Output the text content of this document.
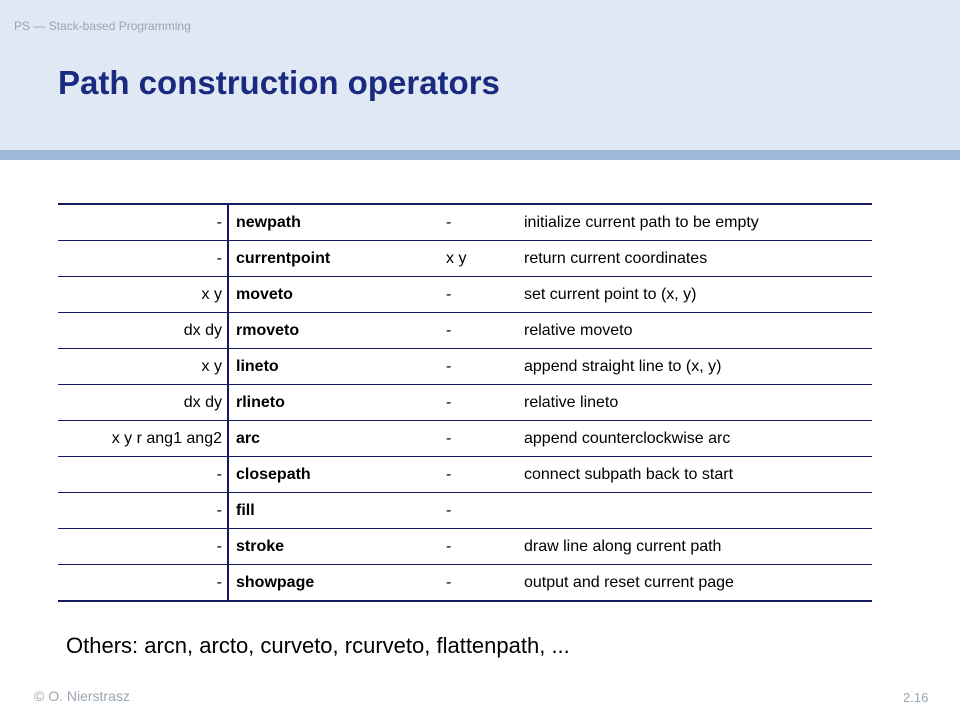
PS — Stack-based Programming
Path construction operators
-	newpath	-	initialize current path to be empty
-	currentpoint	x y	return current coordinates
x y	moveto	-	set current point to (x, y)
dx dy	rmoveto	-	relative moveto
x y	lineto	-	append straight line to (x, y)
dx dy	rlineto	-	relative lineto
x y r ang1 ang2	arc	-	append counterclockwise arc
-	closepath	-	connect subpath back to start
-	fill	-	
-	stroke	-	draw line along current path
-	showpage	-	output and reset current page
Others: arcn, arcto, curveto, rcurveto, flattenpath, ...
© O. Nierstrasz	2.16
